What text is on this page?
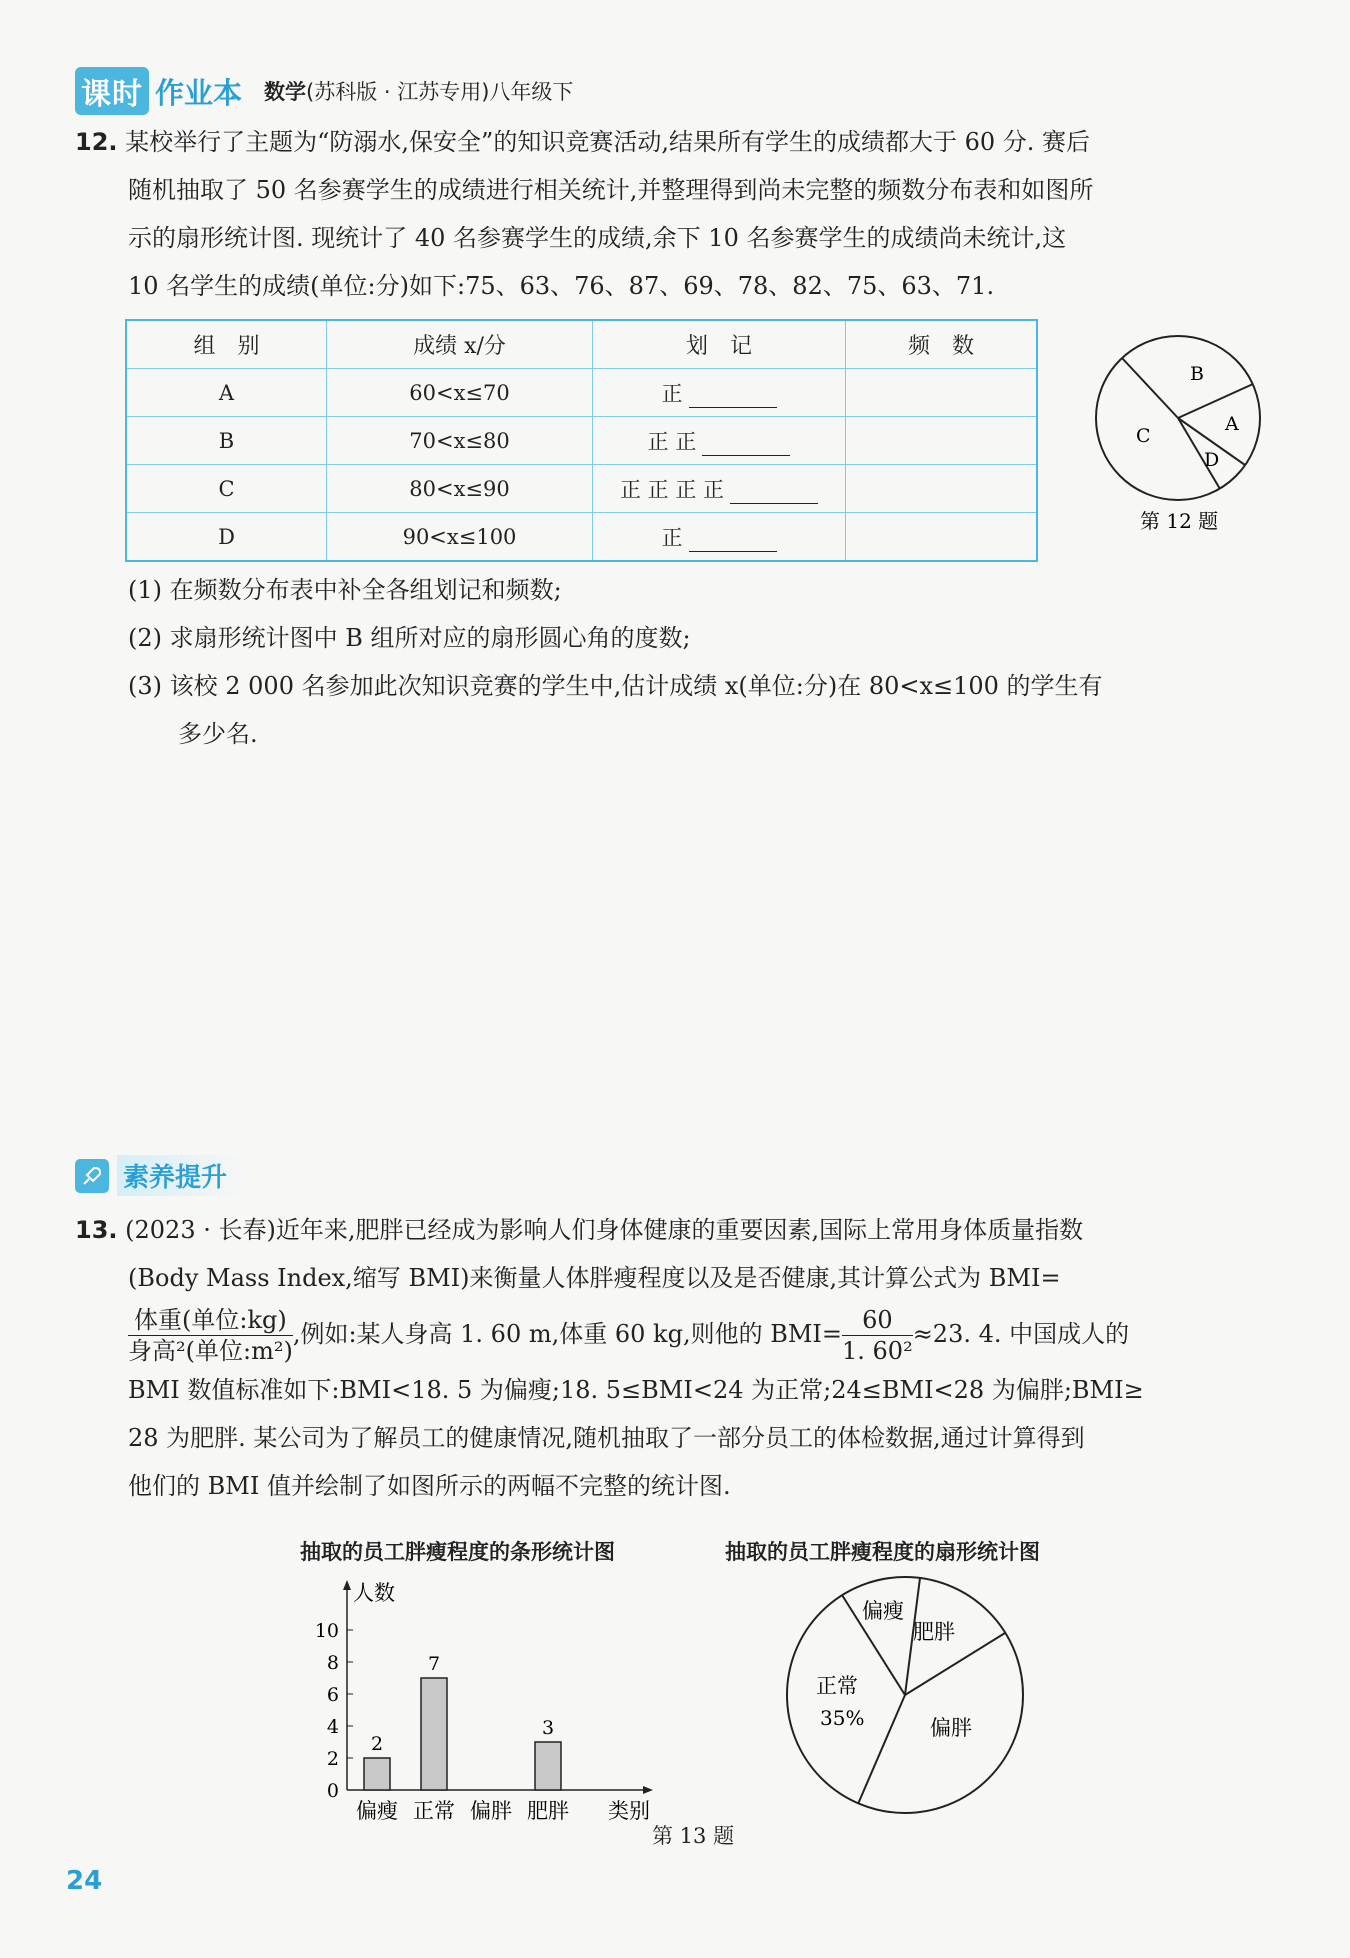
课时 作业本 数学(苏科版 · 江苏专用)八年级下
12. 某校举行了主题为“防溺水,保安全”的知识竞赛活动,结果所有学生的成绩都大于 60 分. 赛后
随机抽取了 50 名参赛学生的成绩进行相关统计,并整理得到尚未完整的频数分布表和如图所
示的扇形统计图. 现统计了 40 名参赛学生的成绩,余下 10 名参赛学生的成绩尚未统计,这
10 名学生的成绩(单位:分)如下:75、63、76、87、69、78、82、75、63、71.
组　别	成绩 x/分	划　记	频　数
A	60<x≤70	正	
B	70<x≤80	正 正	
C	80<x≤90	正 正 正 正	
D	90<x≤100	正	
B
A
C
D
第 12 题
(1) 在频数分布表中补全各组划记和频数;
(2) 求扇形统计图中 B 组所对应的扇形圆心角的度数;
(3) 该校 2 000 名参加此次知识竞赛的学生中,估计成绩 x(单位:分)在 80<x≤100 的学生有
多少名.
素养提升
13. (2023 · 长春)近年来,肥胖已经成为影响人们身体健康的重要因素,国际上常用身体质量指数
(Body Mass Index,缩写 BMI)来衡量人体胖瘦程度以及是否健康,其计算公式为 BMI=
$\frac{\text{体重(单位:kg)}}{\text{身高²(单位:m²)}}$ ,例如:某人身高 1. 60 m,体重 60 kg,则他的 $BMI= \frac{60}{\text{1. 60²}} \approx 23$. 4. 中国成人的
BMI 数值标准如下:BMI<18. 5 为偏瘦;18. 5≤BMI<24 为正常;24≤BMI<28 为偏胖;BMI≥
28 为肥胖. 某公司为了解员工的健康情况,随机抽取了一部分员工的体检数据,通过计算得到
他们的 BMI 值并绘制了如图所示的两幅不完整的统计图.
抽取的员工胖瘦程度的条形统计图
人数
类别
0
2
4
6
8
10
偏瘦
2
正常
7
偏胖 肥胖
3
抽取的员工胖瘦程度的扇形统计图
偏瘦
肥胖
偏胖
正常
35%
第 13 题
24
